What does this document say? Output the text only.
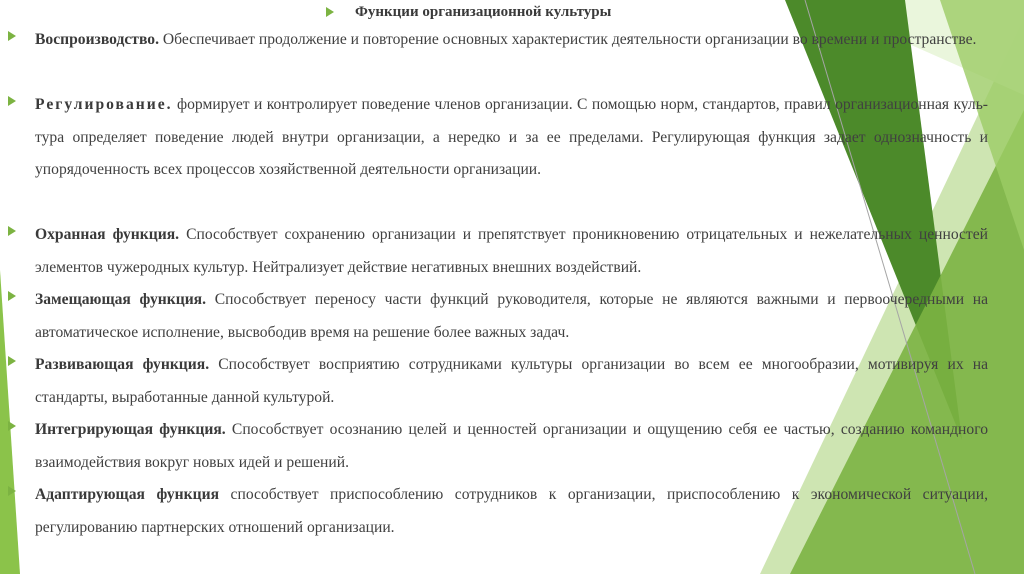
Функции организационной культуры

Воспроизводство. Обеспечивает продолжение и повторение основных характеристик деятельности организации во времени и пространстве.

Регулирование. формирует и контролирует поведение членов организации. С помощью норм, стандартов, правил организационная куль- тура определяет поведение людей внутри организации, а нередко и за ее пределами. Регулирующая функция задает однозначность и упорядоченность всех процессов хозяйственной деятельности организации.

Охранная функция. Способствует сохранению организации и препятствует проникновению отрицательных и нежелательных ценностей элементов чужеродных культур. Нейтрализует действие негативных внешних воздействий.

Замещающая функция. Способствует переносу части функций руководителя, которые не являются важными и первоочередными на автоматическое исполнение, высвободив время на решение более важных задач.

Развивающая функция. Способствует восприятию сотрудниками культуры организации во всем ее многообразии, мотивируя их на стандарты, выработанные данной культурой.

Интегрирующая функция. Способствует осознанию целей и ценностей организации и ощущению себя ее частью, созданию командного взаимодействия вокруг новых идей и решений.

Адаптирующая функция способствует приспособлению сотрудников к организации, приспособлению к экономической ситуации, регулированию партнерских отношений организации.
